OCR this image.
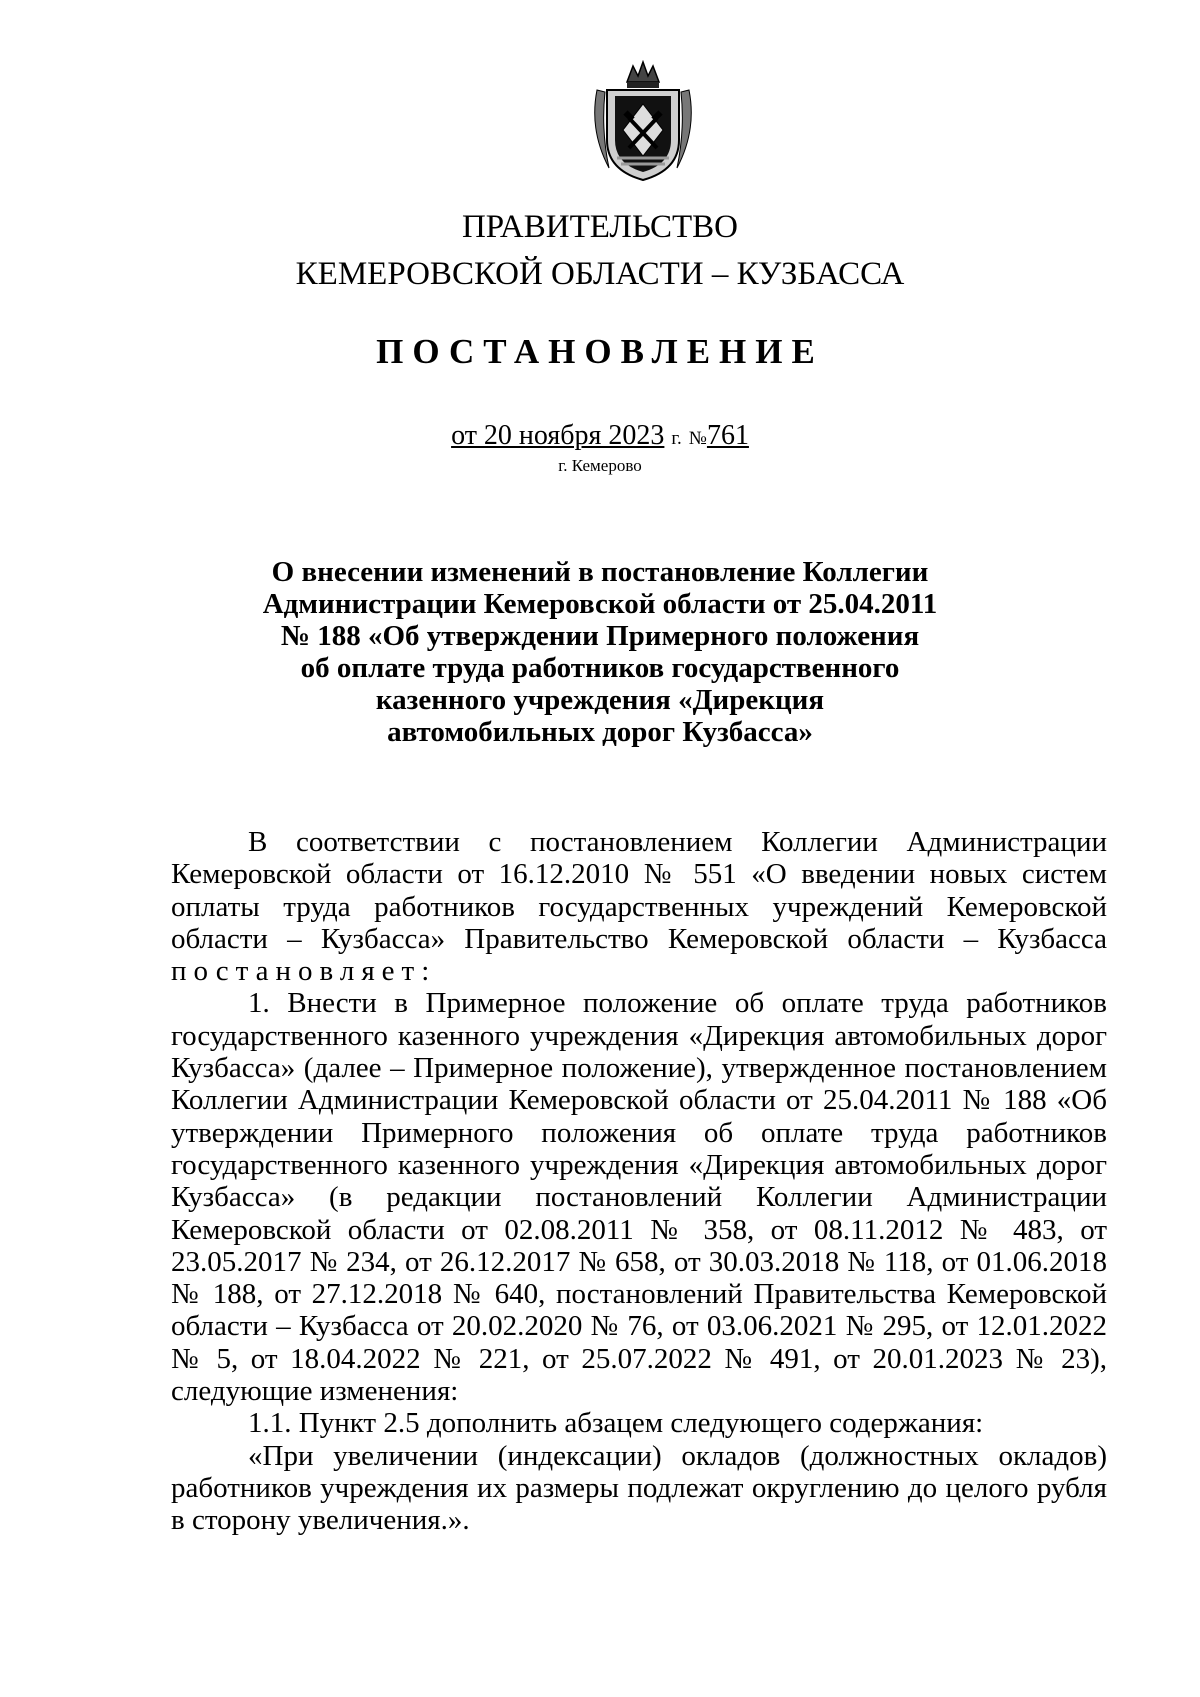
ПРАВИТЕЛЬСТВО
КЕМЕРОВСКОЙ ОБЛАСТИ – КУЗБАССА
ПОСТАНОВЛЕНИЕ
от 20 ноября 2023 г. №761
г. Кемерово
О внесении изменений в постановление Коллегии
Администрации Кемеровской области от 25.04.2011
№ 188 «Об утверждении Примерного положения
об оплате труда работников государственного
казенного учреждения «Дирекция
автомобильных дорог Кузбасса»

В соответствии с постановлением Коллегии Администрации Кемеровской области от 16.12.2010 № 551 «О введении новых систем оплаты труда работников государственных учреждений Кемеровской области – Кузбасса» Правительство Кемеровской области – Кузбасса

постановляет:

1. Внести в Примерное положение об оплате труда работников государственного казенного учреждения «Дирекция автомобильных дорог Кузбасса» (далее – Примерное положение), утвержденное постановлением Коллегии Администрации Кемеровской области от 25.04.2011 № 188 «Об утверждении Примерного положения об оплате труда работников государственного казенного учреждения «Дирекция автомобильных дорог Кузбасса» (в редакции постановлений Коллегии Администрации Кемеровской области от 02.08.2011 № 358, от 08.11.2012 № 483, от 23.05.2017 № 234, от 26.12.2017 № 658, от 30.03.2018 № 118, от 01.06.2018 № 188, от 27.12.2018 № 640, постановлений Правительства Кемеровской области – Кузбасса от 20.02.2020 № 76, от 03.06.2021 № 295, от 12.01.2022 № 5, от 18.04.2022 № 221, от 25.07.2022 № 491, от 20.01.2023 № 23), следующие изменения:

1.1. Пункт 2.5 дополнить абзацем следующего содержания:

«При увеличении (индексации) окладов (должностных окладов) работников учреждения их размеры подлежат округлению до целого рубля в сторону увеличения.».
